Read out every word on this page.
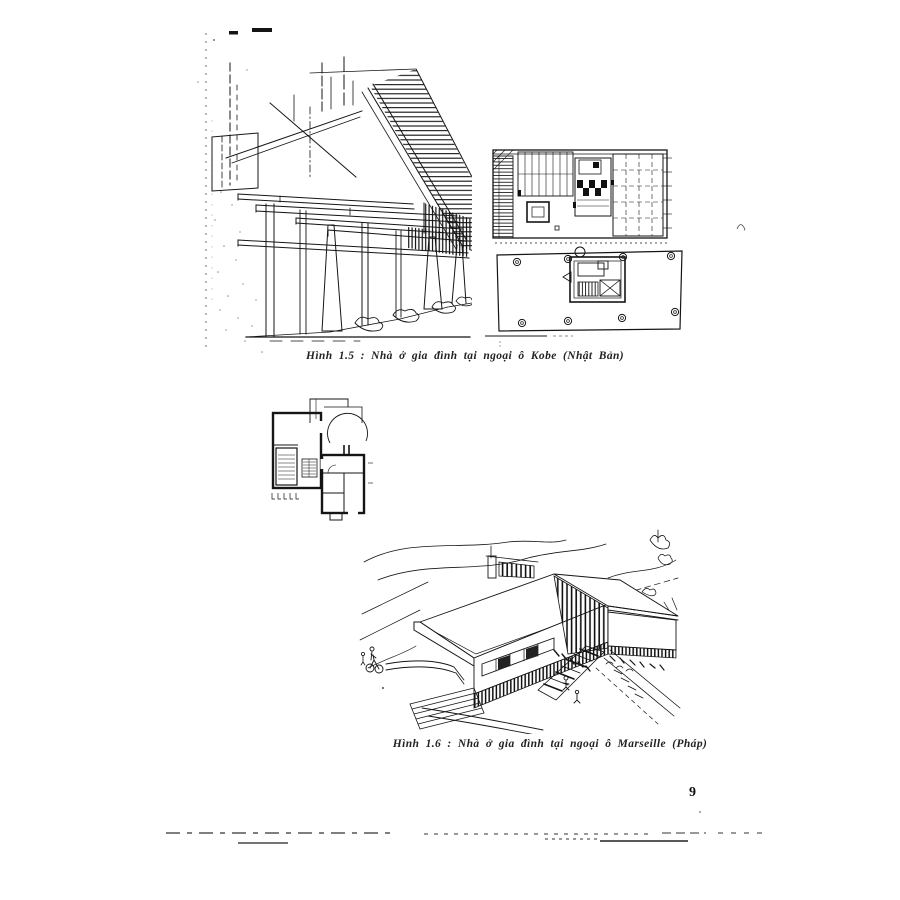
Hình 1.5 : Nhà ở gia đình tại ngoại ô Kobe (Nhật Bản)
Hình 1.6 : Nhà ở gia đình tại ngoại ô Marseille (Pháp)
9
